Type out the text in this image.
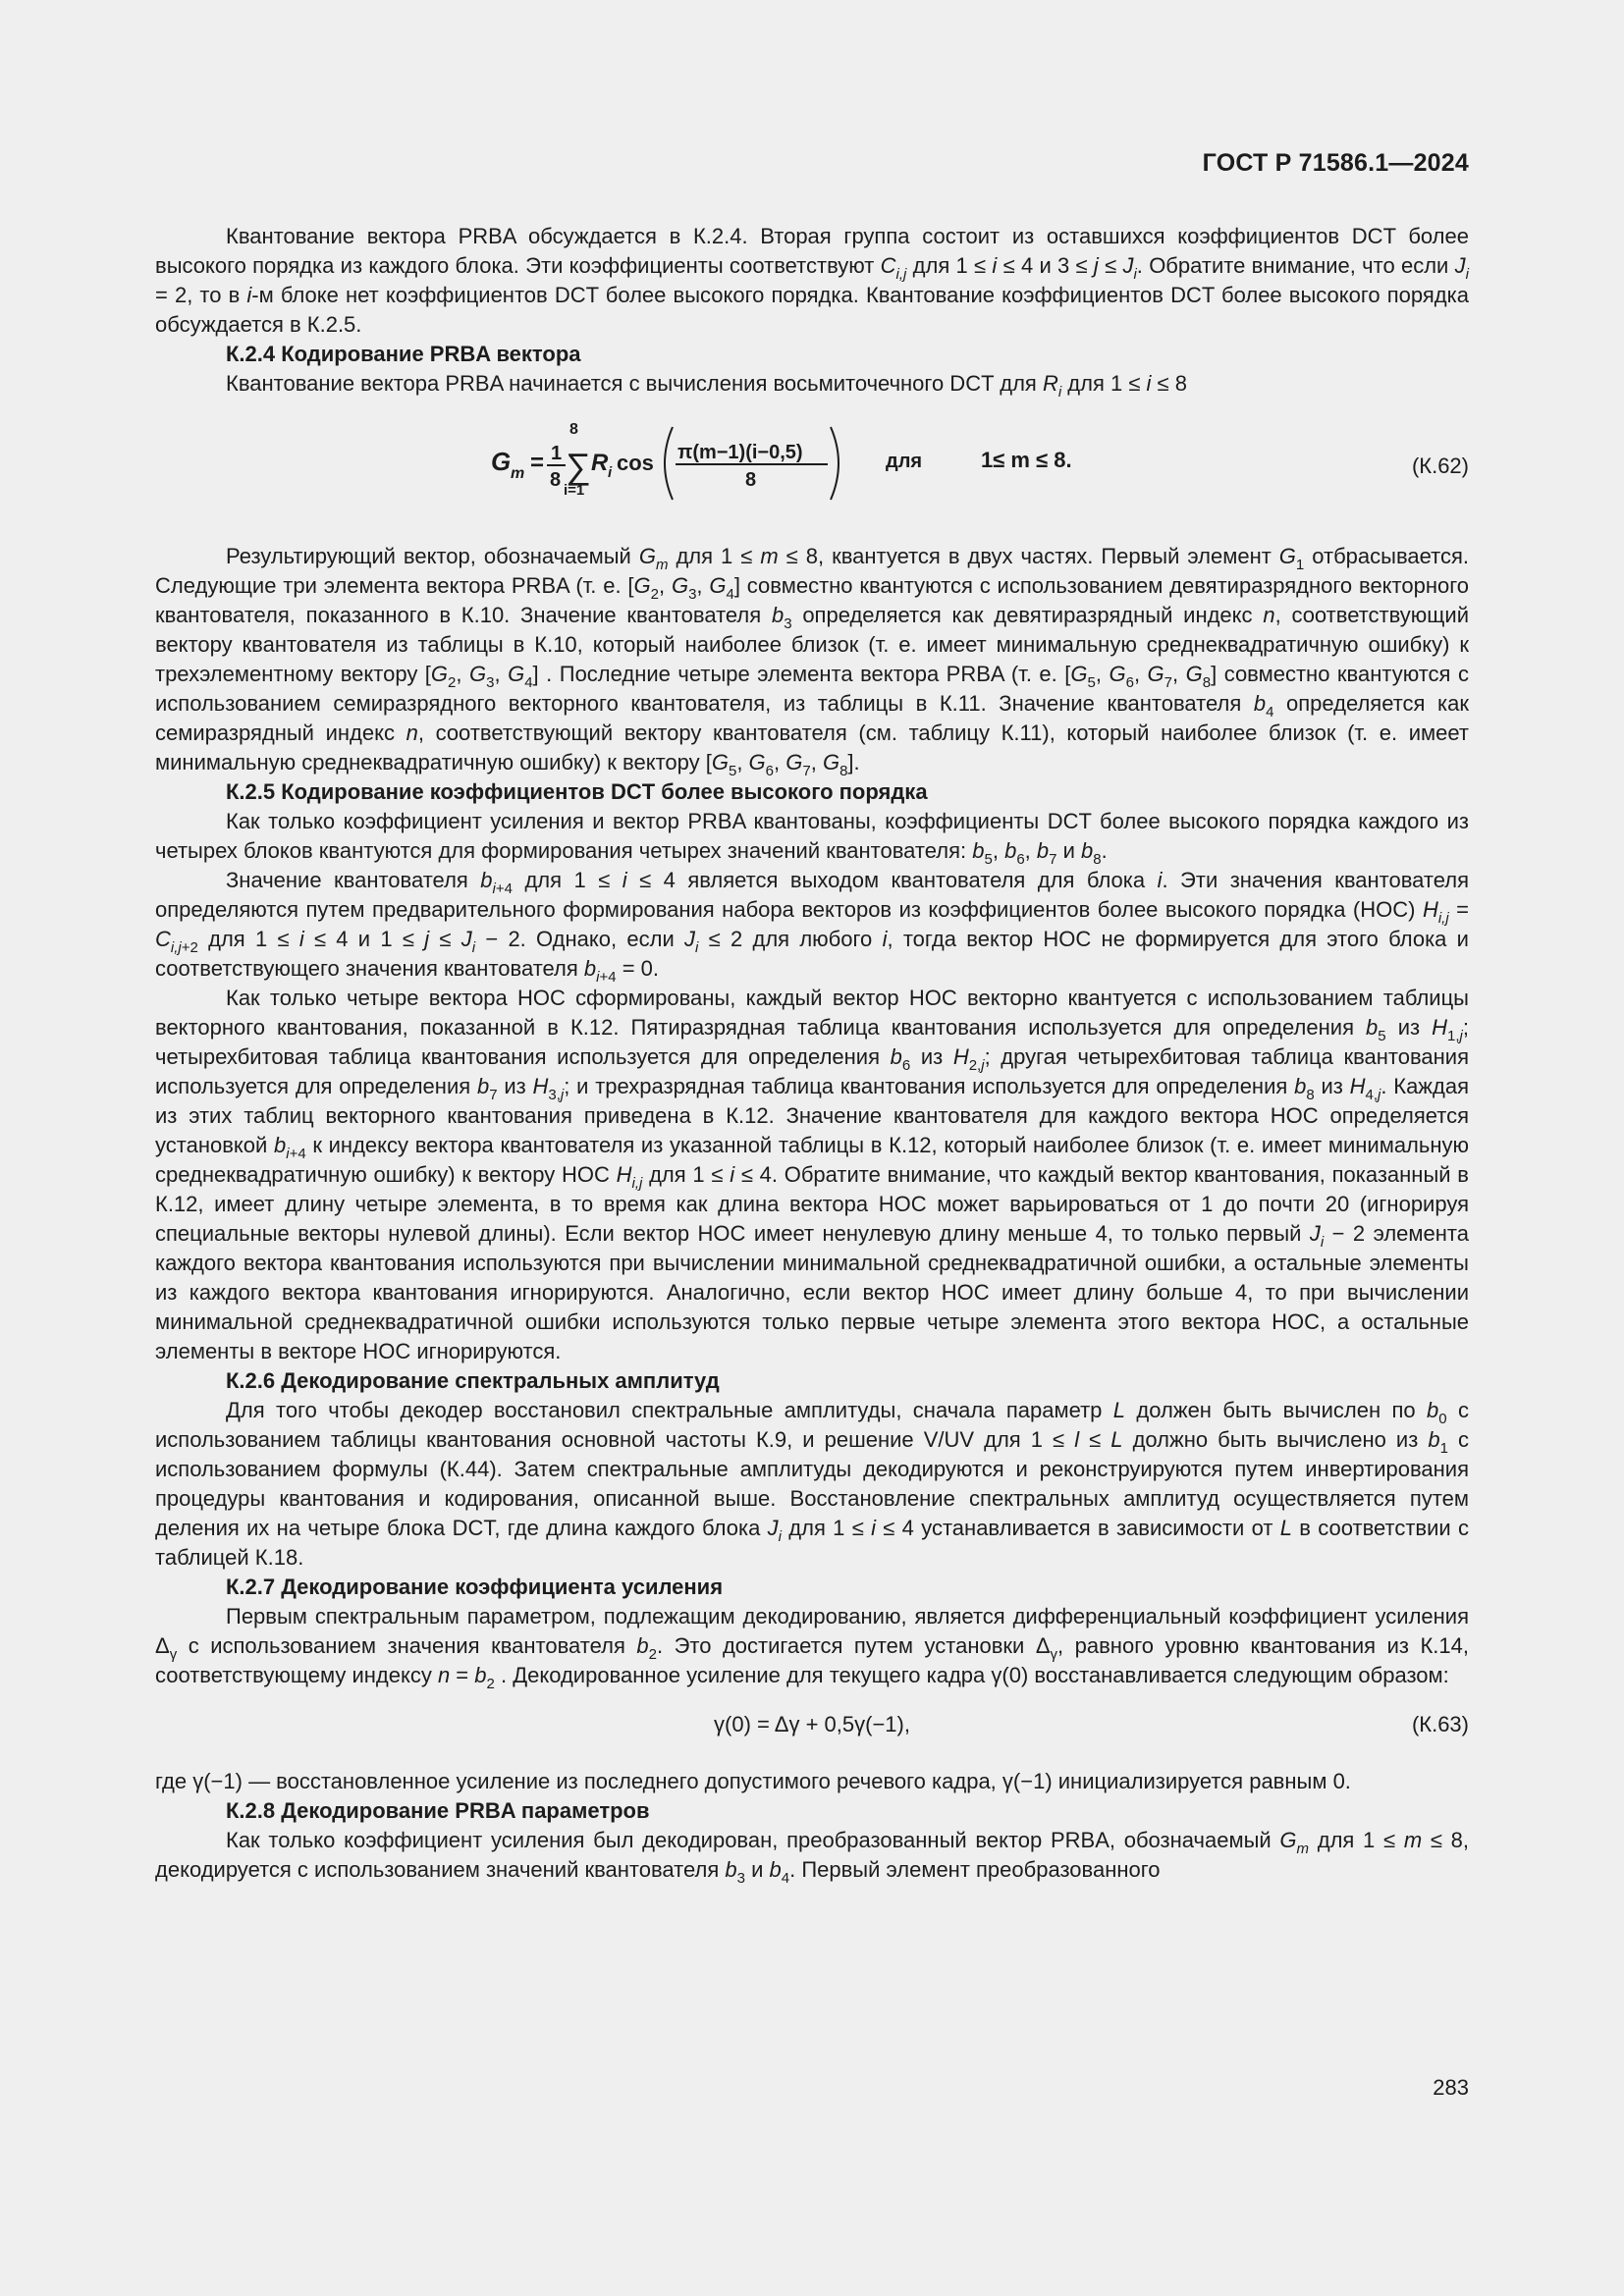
ГОСТ Р 71586.1—2024

Квантование вектора PRBA обсуждается в К.2.4. Вторая группа состоит из оставшихся коэффициентов DCT более высокого порядка из каждого блока. Эти коэффициенты соответствуют $C_{i,j}$ для 1 ≤ i ≤ 4 и $3 \le j \le J_i$. Обратите внимание, что если $J_i = 2$, то в i-м блоке нет коэффициентов DCT более высокого порядка. Квантование коэффициентов DCT более высокого порядка обсуждается в К.2.5.

К.2.4 Кодирование PRBA вектора

Квантование вектора PRBA начинается с вычисления восьмиточечного DCT для $R_i$ для 1 ≤ i ≤ 8

G m = 1
8
8
∑
i=1
R i cos π(m−1)(i−0,5)
8
для	1≤ m ≤ 8.	(К.62)

Результирующий вектор, обозначаемый $G_m$ для 1 ≤ m ≤ 8, квантуется в двух частях. Первый элемент $G_1$ отбрасывается. Следующие три элемента вектора PRBA (т. е. [$G_2$, $G_3$, $G_4$] совместно квантуются с использованием девятиразрядного векторного квантователя, показанного в К.10. Значение квантователя $b_3$ определяется как девятиразрядный индекс n, соответствующий вектору квантователя из таблицы в К.10, который наиболее близок (т. е. имеет минимальную среднеквадратичную ошибку) к трехэлементному вектору [$G_2$, $G_3$, $G_4$] . Последние четыре элемента вектора PRBA (т. е. [$G_5$, $G_6$, $G_7$, $G_8$] совместно квантуются с использованием семиразрядного векторного квантователя, из таблицы в К.11. Значение квантователя $b_4$ определяется как семиразрядный индекс n, соответствующий вектору квантователя (см. таблицу К.11), который наиболее близок (т. е. имеет минимальную среднеквадратичную ошибку) к вектору [$G_5$, $G_6$, $G_7$, $G_8$].

К.2.5 Кодирование коэффициентов DCT более высокого порядка

Как только коэффициент усиления и вектор PRBA квантованы, коэффициенты DCT более высокого порядка каждого из четырех блоков квантуются для формирования четырех значений квантователя: $b_5$, $b_6$, $b_7$ и $b_8$.

Значение квантователя $b_{i+4}$ для 1 ≤ i ≤ 4 является выходом квантователя для блока i. Эти значения квантователя определяются путем предварительного формирования набора векторов из коэффициентов более высокого порядка (НОС) $H_{i,j} = C_{i,j+2}$ для 1 ≤ i ≤ 4 и $1 \le j \le J_i - 2$. Однако, если $J_i \le 2$ для любого i, тогда вектор НОС не формируется для этого блока и соответствующего значения квантователя $b_{i+4} = 0$.

Как только четыре вектора НОС сформированы, каждый вектор НОС векторно квантуется с использованием таблицы векторного квантования, показанной в К.12. Пятиразрядная таблица квантования используется для определения $b_5$ из $H_{1,j}$; четырехбитовая таблица квантования используется для определения $b_6$ из $H_{2,j}$; другая четырехбитовая таблица квантования используется для определения $b_7$ из $H_{3,j}$; и трехразрядная таблица квантования используется для определения $b_8$ из $H_{4,j}$. Каждая из этих таблиц векторного квантования приведена в К.12. Значение квантователя для каждого вектора НОС определяется установкой $b_{i+4}$ к индексу вектора квантователя из указанной таблицы в К.12, который наиболее близок (т. е. имеет минимальную среднеквадратичную ошибку) к вектору НОС $H_{i,j}$ для 1 ≤ i ≤ 4. Обратите внимание, что каждый вектор квантования, показанный в К.12, имеет длину четыре элемента, в то время как длина вектора НОС может варьироваться от 1 до почти 20 (игнорируя специальные векторы нулевой длины). Если вектор НОС имеет ненулевую длину меньше 4, то только первый $J_i - 2$ элемента каждого вектора квантования используются при вычислении минимальной среднеквадратичной ошибки, а остальные элементы из каждого вектора квантования игнорируются. Аналогично, если вектор НОС имеет длину больше 4, то при вычислении минимальной среднеквадратичной ошибки используются только первые четыре элемента этого вектора НОС, а остальные элементы в векторе НОС игнорируются.

К.2.6 Декодирование спектральных амплитуд

Для того чтобы декодер восстановил спектральные амплитуды, сначала параметр L должен быть вычислен по $b_0$ с использованием таблицы квантования основной частоты К.9, и решение V/UV для 1 ≤ l ≤ L должно быть вычислено из $b_1$ с использованием формулы (К.44). Затем спектральные амплитуды декодируются и реконструируются путем инвертирования процедуры квантования и кодирования, описанной выше. Восстановление спектральных амплитуд осуществляется путем деления их на четыре блока DCT, где длина каждого блока $J_i$ для 1 ≤ i ≤ 4 устанавливается в зависимости от L в соответствии с таблицей К.18.

К.2.7 Декодирование коэффициента усиления

Первым спектральным параметром, подлежащим декодированию, является дифференциальный коэффициент усиления $\Delta_\gamma$ с использованием значения квантователя $b_2$. Это достигается путем установки $\Delta_\gamma$, равного уровню квантования из К.14, соответствующему индексу $n = b_2$ . Декодированное усиление для текущего кадра γ(0) восстанавливается следующим образом:

γ(0) = Δγ + 0,5γ(−1),	(К.63)

где γ(−1) — восстановленное усиление из последнего допустимого речевого кадра, γ(−1) инициализируется равным 0.

К.2.8 Декодирование PRBA параметров

Как только коэффициент усиления был декодирован, преобразованный вектор PRBA, обозначаемый $G_m$ для 1 ≤ m ≤ 8, декодируется с использованием значений квантователя $b_3$ и $b_4$. Первый элемент преобразованного

283
